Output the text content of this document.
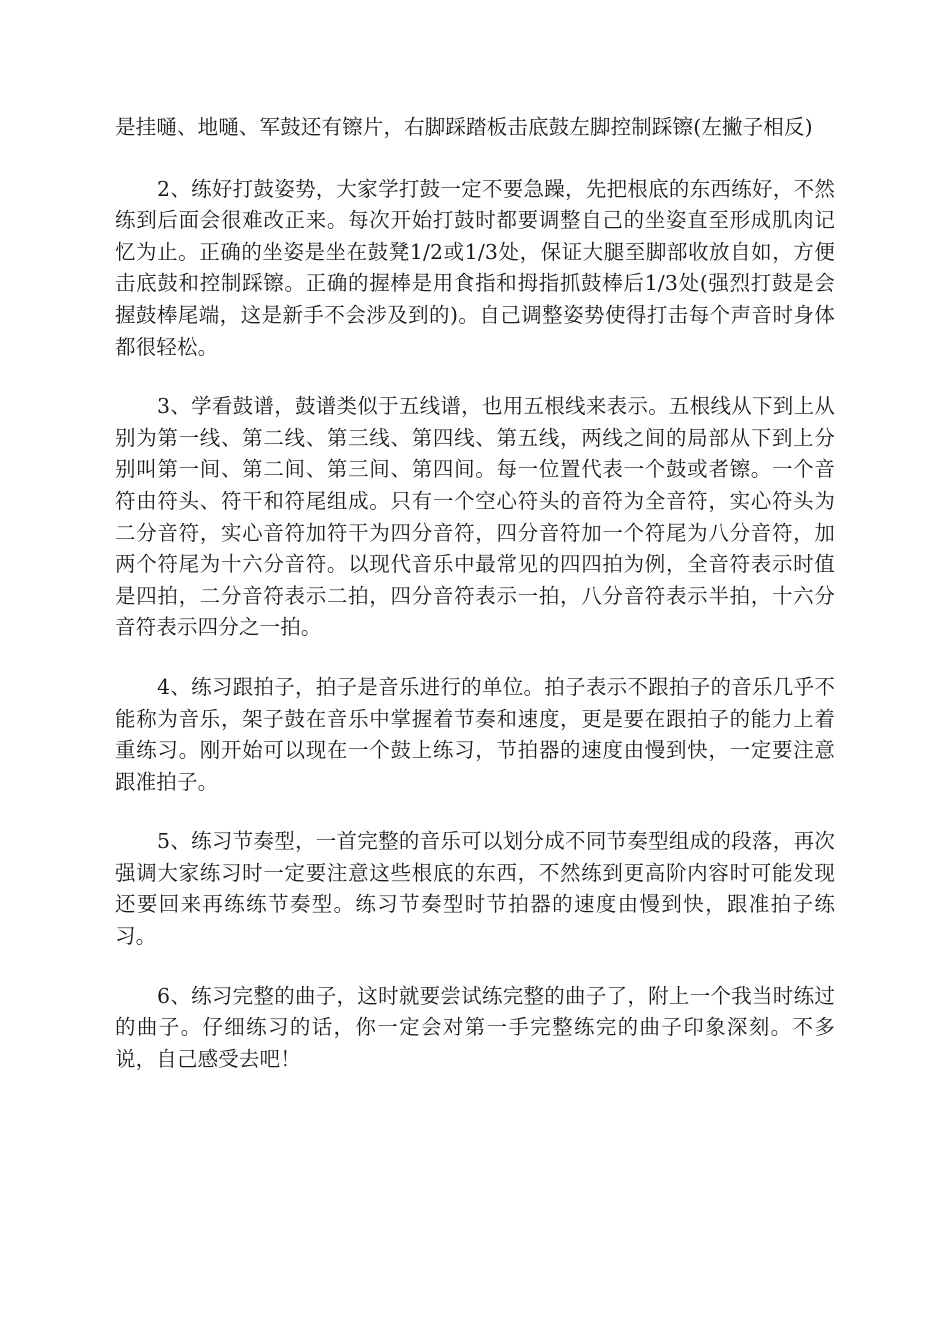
是挂嗵、地嗵、军鼓还有镲片，右脚踩踏板击底鼓左脚控制踩镲(左撇子相反)

2、练好打鼓姿势，大家学打鼓一定不要急躁，先把根底的东西练好，不然练到后面会很难改正来。每次开始打鼓时都要调整自己的坐姿直至形成肌肉记忆为止。正确的坐姿是坐在鼓凳1/2或1/3处，保证大腿至脚部收放自如，方便击底鼓和控制踩镲。正确的握棒是用食指和拇指抓鼓棒后1/3处(强烈打鼓是会握鼓棒尾端，这是新手不会涉及到的)。自己调整姿势使得打击每个声音时身体都很轻松。

3、学看鼓谱，鼓谱类似于五线谱，也用五根线来表示。五根线从下到上从别为第一线、第二线、第三线、第四线、第五线，两线之间的局部从下到上分别叫第一间、第二间、第三间、第四间。每一位置代表一个鼓或者镲。一个音符由符头、符干和符尾组成。只有一个空心符头的音符为全音符，实心符头为二分音符，实心音符加符干为四分音符，四分音符加一个符尾为八分音符，加两个符尾为十六分音符。以现代音乐中最常见的四四拍为例，全音符表示时值是四拍，二分音符表示二拍，四分音符表示一拍，八分音符表示半拍，十六分音符表示四分之一拍。

4、练习跟拍子，拍子是音乐进行的单位。拍子表示不跟拍子的音乐几乎不能称为音乐，架子鼓在音乐中掌握着节奏和速度，更是要在跟拍子的能力上着重练习。刚开始可以现在一个鼓上练习，节拍器的速度由慢到快，一定要注意跟准拍子。

5、练习节奏型，一首完整的音乐可以划分成不同节奏型组成的段落，再次强调大家练习时一定要注意这些根底的东西，不然练到更高阶内容时可能发现还要回来再练练节奏型。练习节奏型时节拍器的速度由慢到快，跟准拍子练习。

6、练习完整的曲子，这时就要尝试练完整的曲子了，附上一个我当时练过的曲子。仔细练习的话，你一定会对第一手完整练完的曲子印象深刻。不多说，自己感受去吧！
